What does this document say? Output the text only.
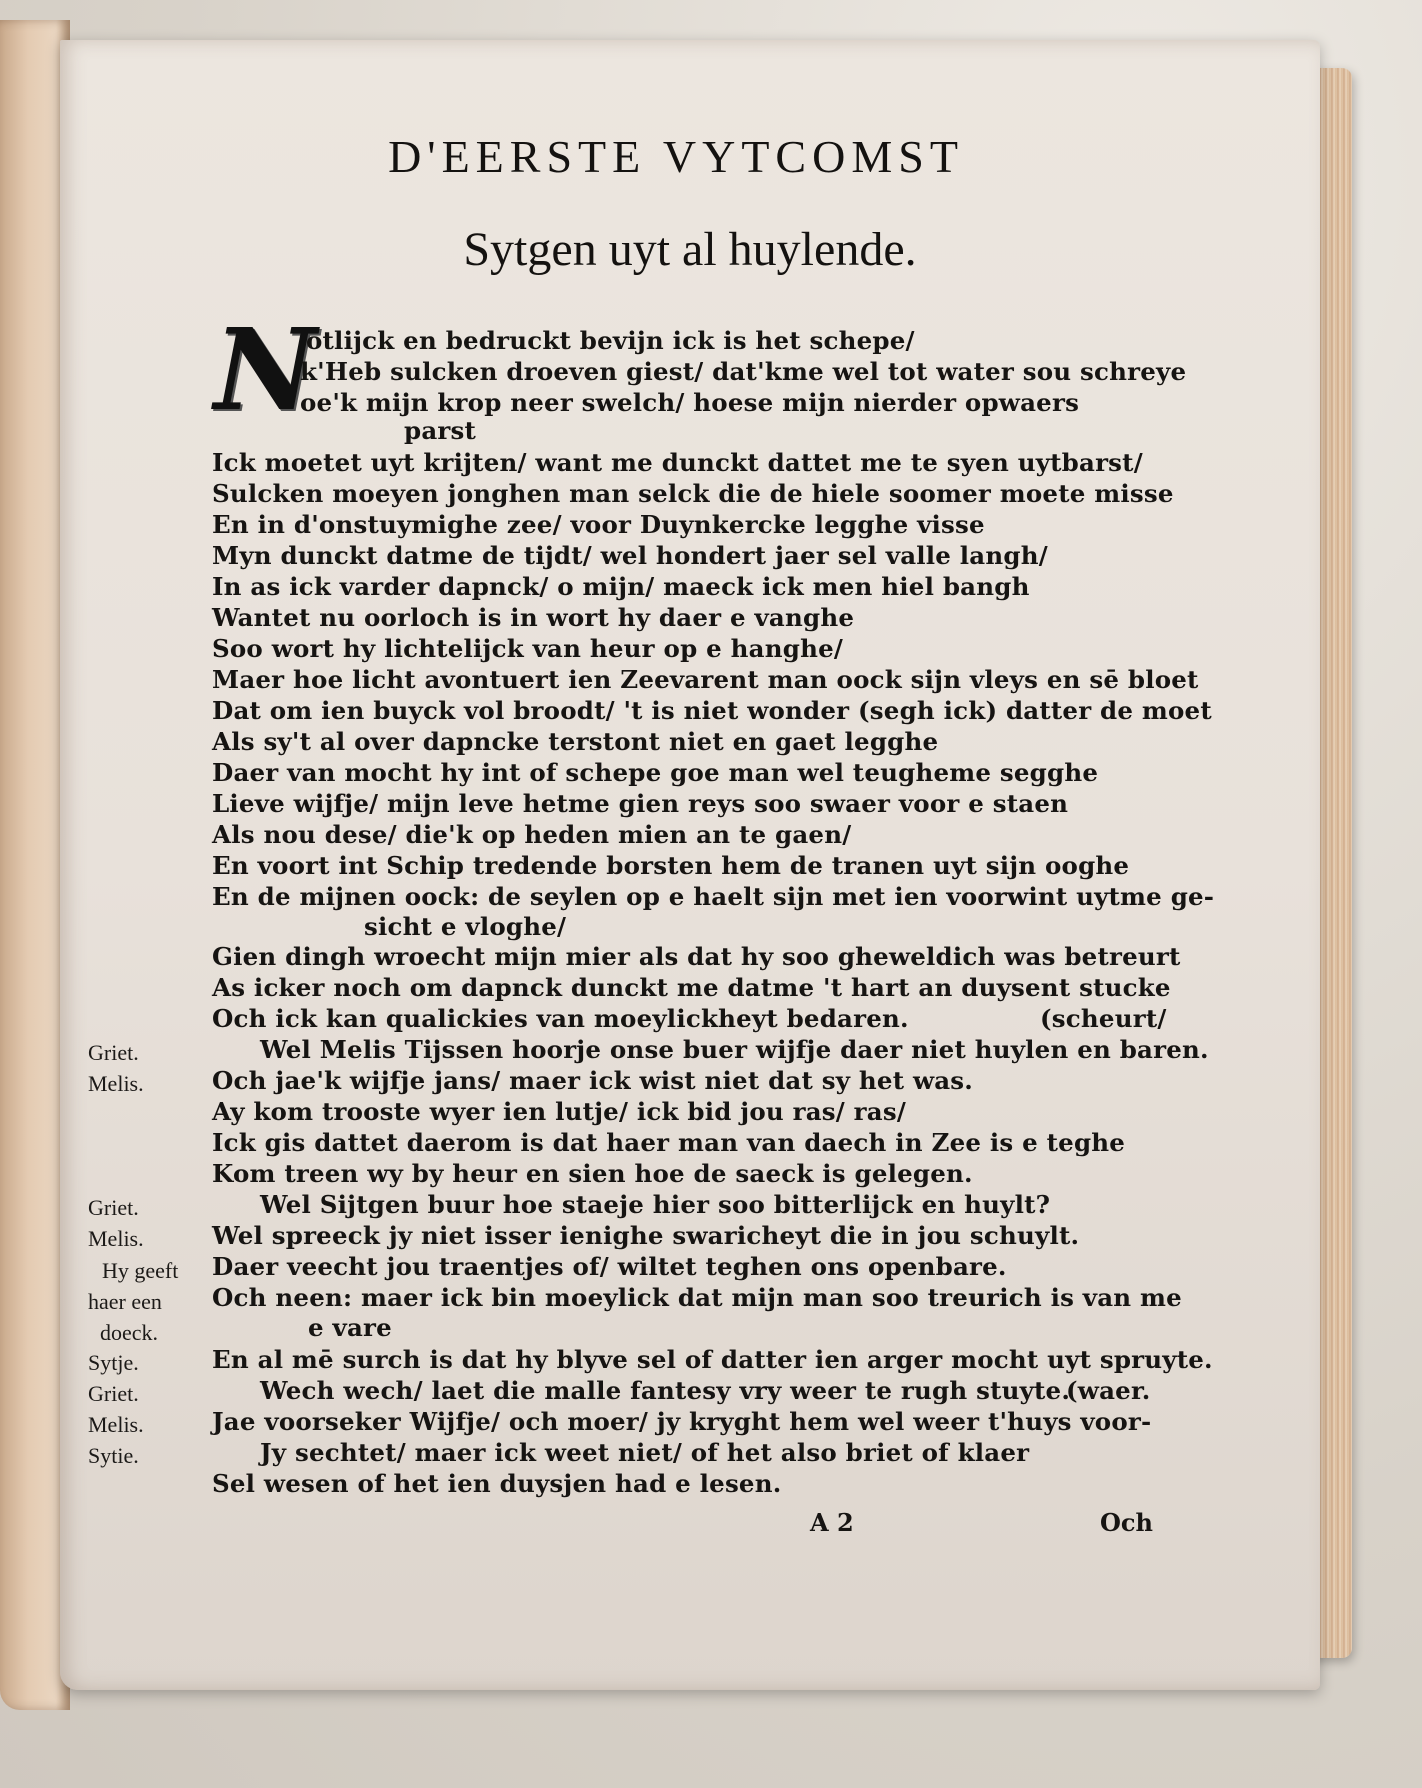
D'EERSTE VYTCOMST
Sytgen uyt al huylende.
N
otlijck en bedruckt bevijn ick is het schepe/
k'Heb sulcken droeven giest/ dat'kme wel tot water sou schreye
oe'k mijn krop neer swelch/ hoese mijn nierder opwaers
parst
Ick moetet uyt krijten/ want me dunckt dattet me te syen uytbarst/
Sulcken moeyen jonghen man selck die de hiele soomer moete misse
En in d'onstuymighe zee/ voor Duynkercke legghe visse
Myn dunckt datme de tijdt/ wel hondert jaer sel valle langh/
In as ick varder dapnck/ o mijn/ maeck ick men hiel bangh
Wantet nu oorloch is in wort hy daer e vanghe
Soo wort hy lichtelijck van heur op e hanghe/
Maer hoe licht avontuert ien Zeevarent man oock sijn vleys en sē bloet
Dat om ien buyck vol broodt/ 't is niet wonder (segh ick) datter de moet
Als sy't al over dapncke terstont niet en gaet legghe
Daer van mocht hy int of schepe goe man wel teugheme segghe
Lieve wijfje/ mijn leve hetme gien reys soo swaer voor e staen
Als nou dese/ die'k op heden mien an te gaen/
En voort int Schip tredende borsten hem de tranen uyt sijn ooghe
En de mijnen oock: de seylen op e haelt sijn met ien voorwint uytme ge-
sicht e vloghe/
Gien dingh wroecht mijn mier als dat hy soo gheweldich was betreurt
As icker noch om dapnck dunckt me datme 't hart an duysent stucke
Och ick kan qualickies van moeylickheyt bedaren.	(scheurt/
Wel Melis Tijssen hoorje onse buer wijfje daer niet huylen en baren.
Och jae'k wijfje jans/ maer ick wist niet dat sy het was.
Ay kom trooste wyer ien lutje/ ick bid jou ras/ ras/
Ick gis dattet daerom is dat haer man van daech in Zee is e teghe
Kom treen wy by heur en sien hoe de saeck is gelegen.
Wel Sijtgen buur hoe staeje hier soo bitterlijck en huylt?
Wel spreeck jy niet isser ienighe swaricheyt die in jou schuylt.
Daer veecht jou traentjes of/ wiltet teghen ons openbare.
Och neen: maer ick bin moeylick dat mijn man soo treurich is van me
e vare
En al mē surch is dat hy blyve sel of datter ien arger mocht uyt spruyte.
Wech wech/ laet die malle fantesy vry weer te rugh stuyte.
(waer.
Jae voorseker Wijfje/ och moer/ jy kryght hem wel weer t'huys voor-
Jy sechtet/ maer ick weet niet/ of het also briet of klaer
Sel wesen of het ien duysjen had e lesen.
Griet.
Melis.
Griet.
Melis.
Hy geeft
haer een
doeck.
Sytje.
Griet.
Melis.
Sytie.
A 2	Och
